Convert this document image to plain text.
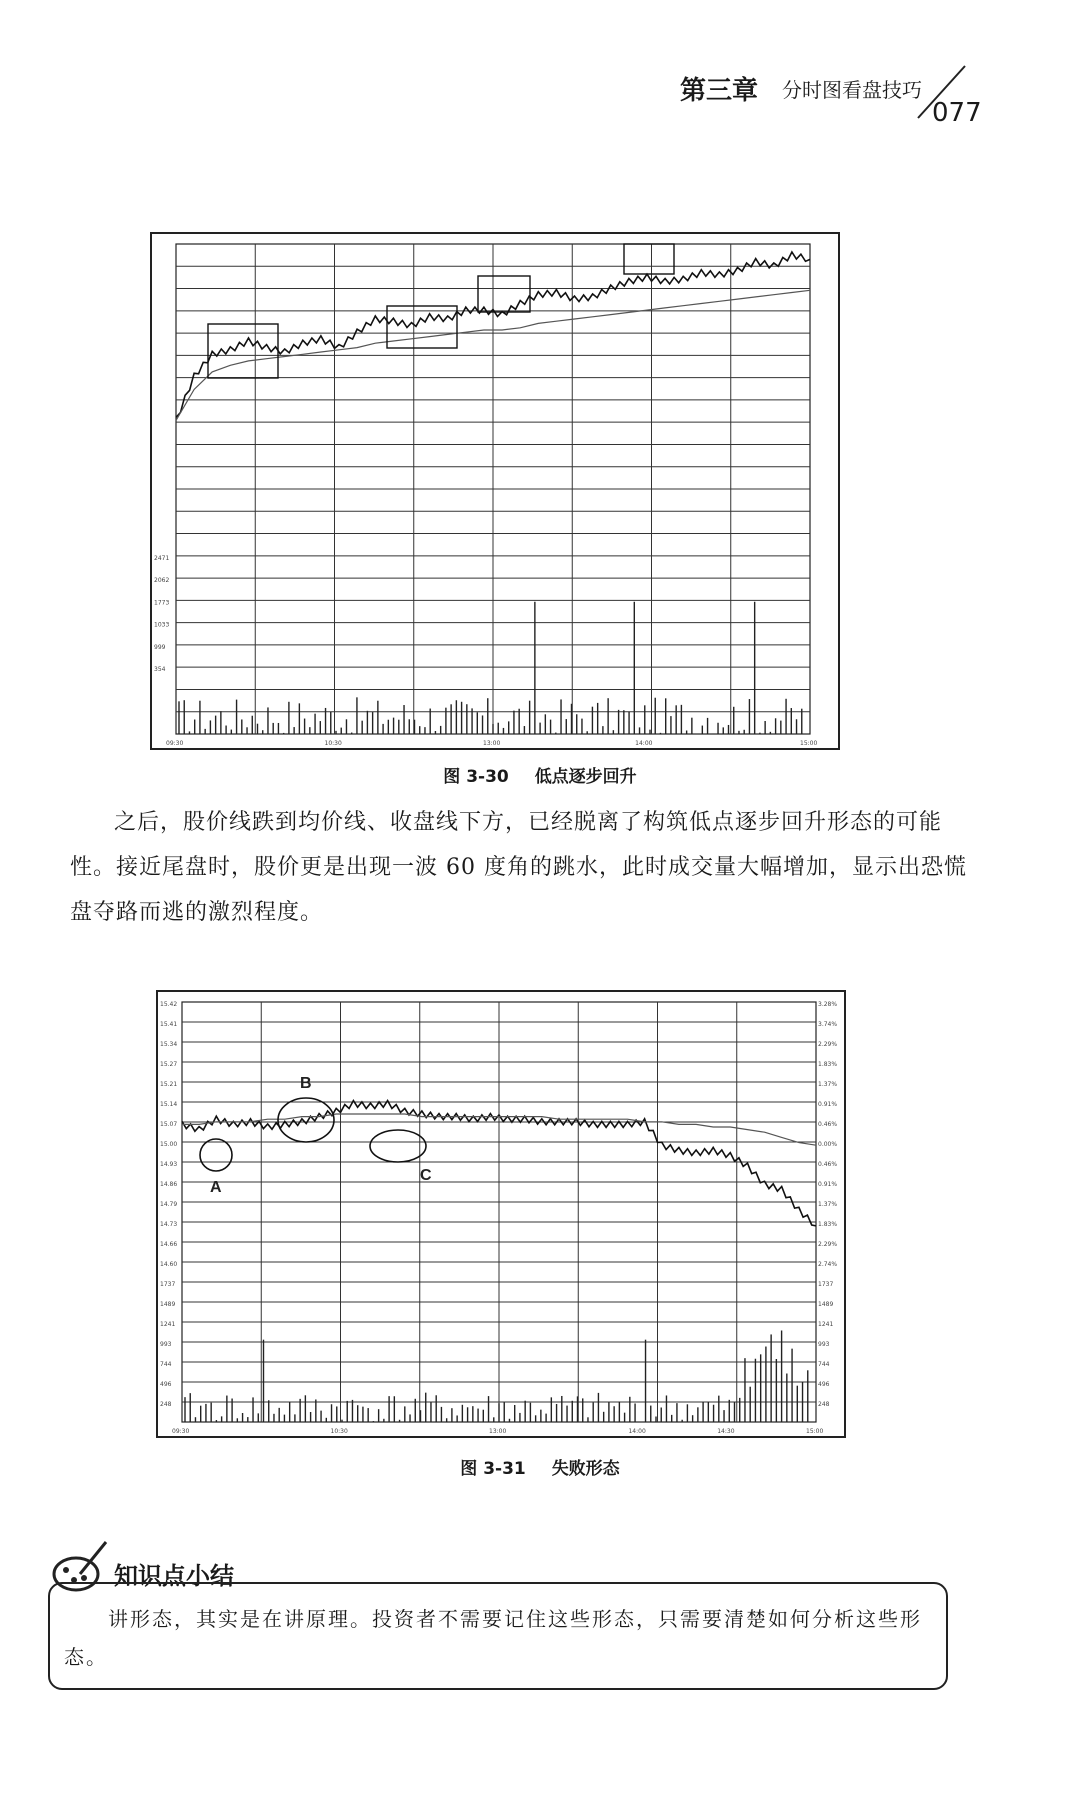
第三章 分时图看盘技巧
077
2471
2062
1773
1033
999
354
09:30	10:30	13:00	14:00	15:00
图 3-30 低点逐步回升
之后，股价线跌到均价线、收盘线下方，已经脱离了构筑低点逐步回升形态的可能性。接近尾盘时，股价更是出现一波 60 度角的跳水，此时成交量大幅增加，显示出恐慌盘夺路而逃的激烈程度。
15.42
15.41
15.34
15.27
15.21
15.14
15.07
15.00
14.93
14.86
14.79
14.73
14.66
14.60
1737
1489
1241
993
744
496
248
3.28%
3.74%
2.29%
1.83%
1.37%
0.91%
0.46%
0.00%
0.46%
0.91%
1.37%
1.83%
2.29%
2.74%
1737
1489
1241
993
744
496
248
09:30	10:30	13:00	14:00	14:30	15:00
A
B
C
图 3-31 失败形态
知识点小结
讲形态，其实是在讲原理。投资者不需要记住这些形态，只需要清楚如何分析这些形态。
